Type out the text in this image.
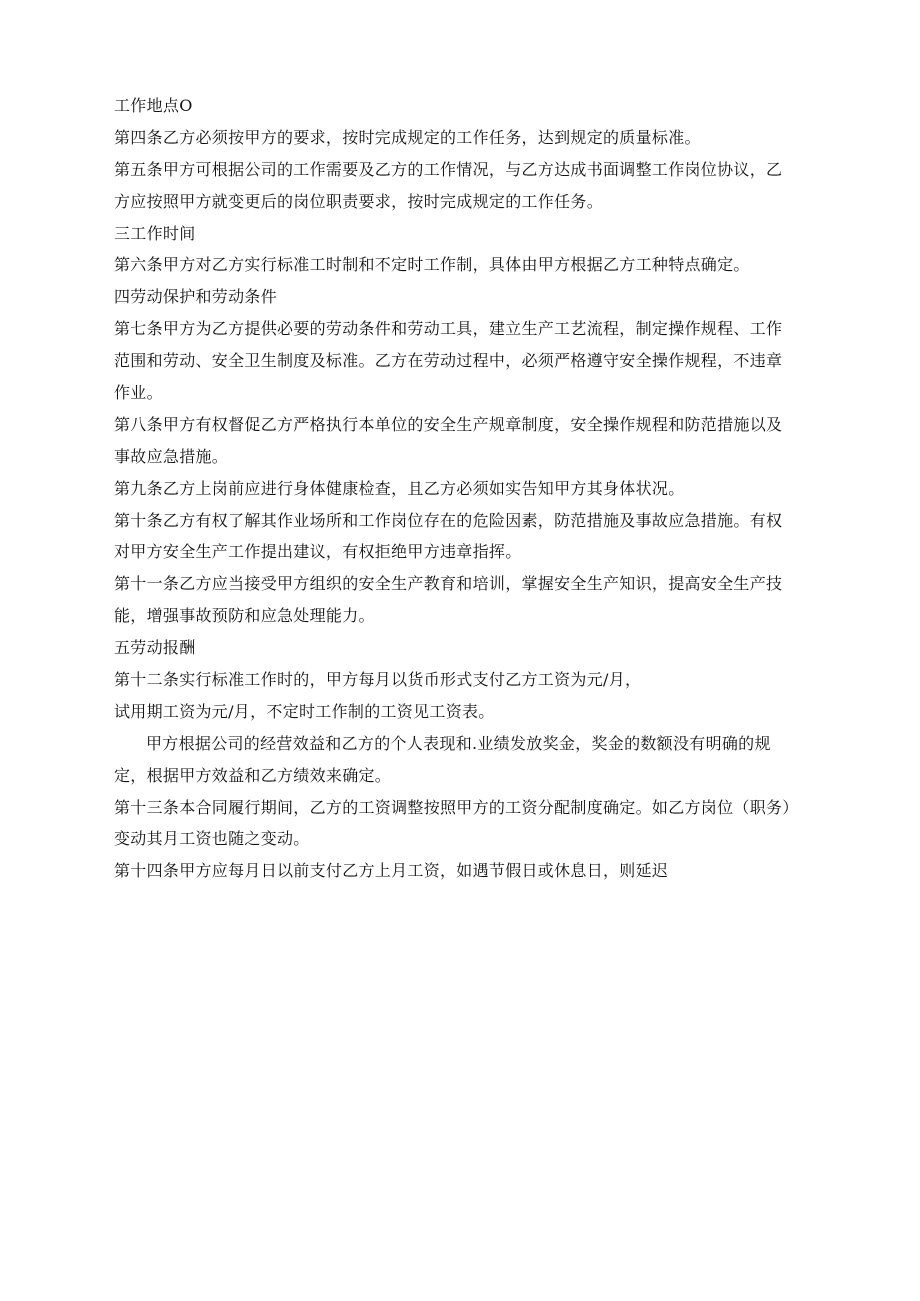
工作地点O
第四条乙方必须按甲方的要求，按时完成规定的工作任务，达到规定的质量标准。
第五条甲方可根据公司的工作需要及乙方的工作情况，与乙方达成书面调整工作岗位协议，乙
方应按照甲方就变更后的岗位职责要求，按时完成规定的工作任务。
三工作时间
第六条甲方对乙方实行标准工时制和不定时工作制，具体由甲方根据乙方工种特点确定。
四劳动保护和劳动条件
第七条甲方为乙方提供必要的劳动条件和劳动工具，建立生产工艺流程，制定操作规程、工作
范围和劳动、安全卫生制度及标准。乙方在劳动过程中，必须严格遵守安全操作规程，不违章
作业。
第八条甲方有权督促乙方严格执行本单位的安全生产规章制度，安全操作规程和防范措施以及
事故应急措施。
第九条乙方上岗前应进行身体健康检查，且乙方必须如实告知甲方其身体状况。
第十条乙方有权了解其作业场所和工作岗位存在的危险因素，防范措施及事故应急措施。有权
对甲方安全生产工作提出建议，有权拒绝甲方违章指挥。
第十一条乙方应当接受甲方组织的安全生产教育和培训，掌握安全生产知识，提高安全生产技
能，增强事故预防和应急处理能力。
五劳动报酬
第十二条实行标准工作时的，甲方每月以货币形式支付乙方工资为元/月，
试用期工资为元/月，不定时工作制的工资见工资表。
甲方根据公司的经营效益和乙方的个人表现和.业绩发放奖金，奖金的数额没有明确的规
定，根据甲方效益和乙方绩效来确定。
第十三条本合同履行期间，乙方的工资调整按照甲方的工资分配制度确定。如乙方岗位（职务）
变动其月工资也随之变动。
第十四条甲方应每月日以前支付乙方上月工资，如遇节假日或休息日，则延迟
